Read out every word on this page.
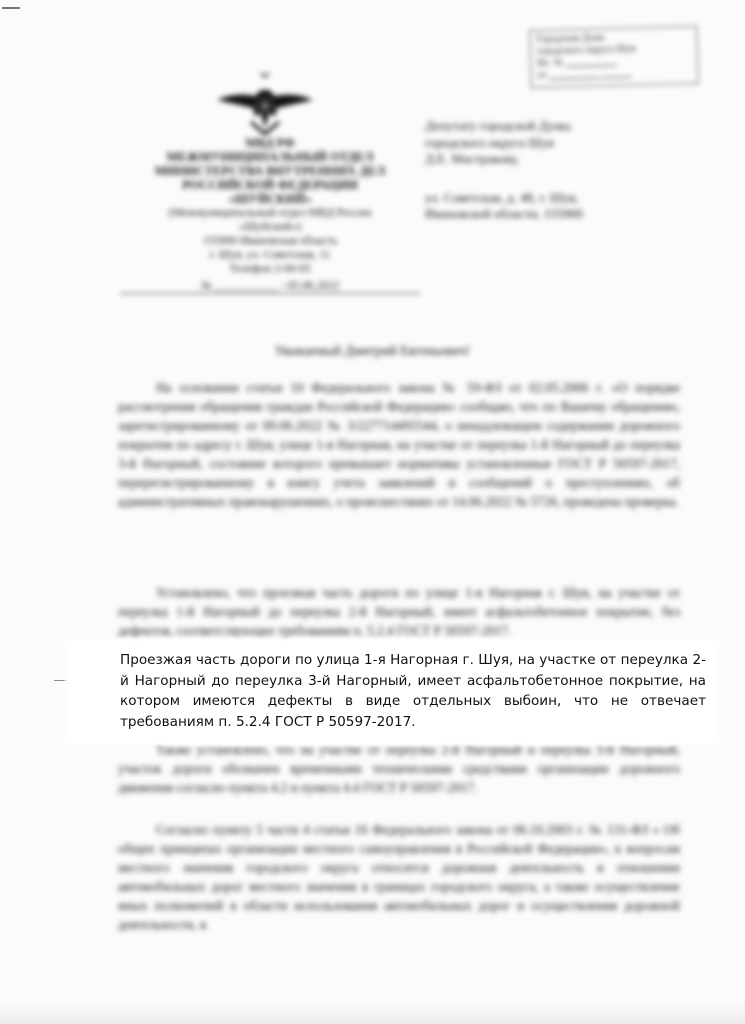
Городская Дума
городского округа Шуя
Вх. №
от

МВД РФ

МЕЖМУНИЦИПАЛЬНЫЙ ОТДЕЛ

МИНИСТЕРСТВА ВНУТРЕННИХ ДЕЛ

РОССИЙСКОЙ ФЕДЕРАЦИИ

«ШУЙСКИЙ»

(Межмуниципальный отдел МВД России

«Шуйский»)

155900 Ивановская область

г. Шуя, ул. Советская, 11

Телефон 2-00-05

№ ___________ - 05.06.2022
Депутату городской Думы
городского округа Шуя
Д.Е. Мастракову,
ул. Советская, д. 48, г. Шуя,
Ивановской области, 155900
Уважаемый Дмитрий Евгеньевич!
На основании статьи 10 Федерального закона № 59-ФЗ от 02.05.2006 г. «О порядке рассмотрения обращения граждан Российской Федерации» сообщаю, что по Вашему обращению, зарегистрированному от 09.06.2022 № 3/227714495544, о ненадлежащем содержании дорожного покрытия по адресу г. Шуя, улице 1-я Нагорная, на участке от переулка 1-й Нагорный до переулка 3-й Нагорный, состояние которого превышает нормативы установленные ГОСТ Р 50597-2017, перерегистрированному в книгу учета заявлений и сообщений о преступлениях, об административных правонарушениях, о происшествиях от 14.06.2022 № 5726, проведена проверка.
Установлено, что проезжая часть дороги по улице 1-я Нагорная г. Шуя, на участке от переулка 1-й Нагорный до переулка 2-й Нагорный, имеет асфальтобетонное покрытие, без дефектов, соответствующее требованиям п. 5.2.4 ГОСТ Р 50597-2017.
Также установлено, что на участке от переулка 2-й Нагорный и переулка 3-й Нагорный, участок дороги обозначен временными техническими средствами организации дорожного движения согласно пункта 4.2 и пункта 4.4 ГОСТ Р 50597-2017.
Согласно пункту 5 части 4 статьи 16 Федерального закона от 06.10.2003 г. № 131-ФЗ « Об общих принципах организации местного самоуправления в Российской Федерации», к вопросам местного значения городского округа относится дорожная деятельность в отношении автомобильных дорог местного значения в границах городского округа, а также осуществление иных полномочий в области использования автомобильных дорог и осуществления дорожной деятельности, в

Проезжая часть дороги по улица 1-я Нагорная г. Шуя, на участке от переулка 2-й Нагорный до переулка 3-й Нагорный, имеет асфальтобетонное покрытие, на котором имеются дефекты в виде отдельных выбоин, что не отвечает требованиям п. 5.2.4 ГОСТ Р 50597-2017.
